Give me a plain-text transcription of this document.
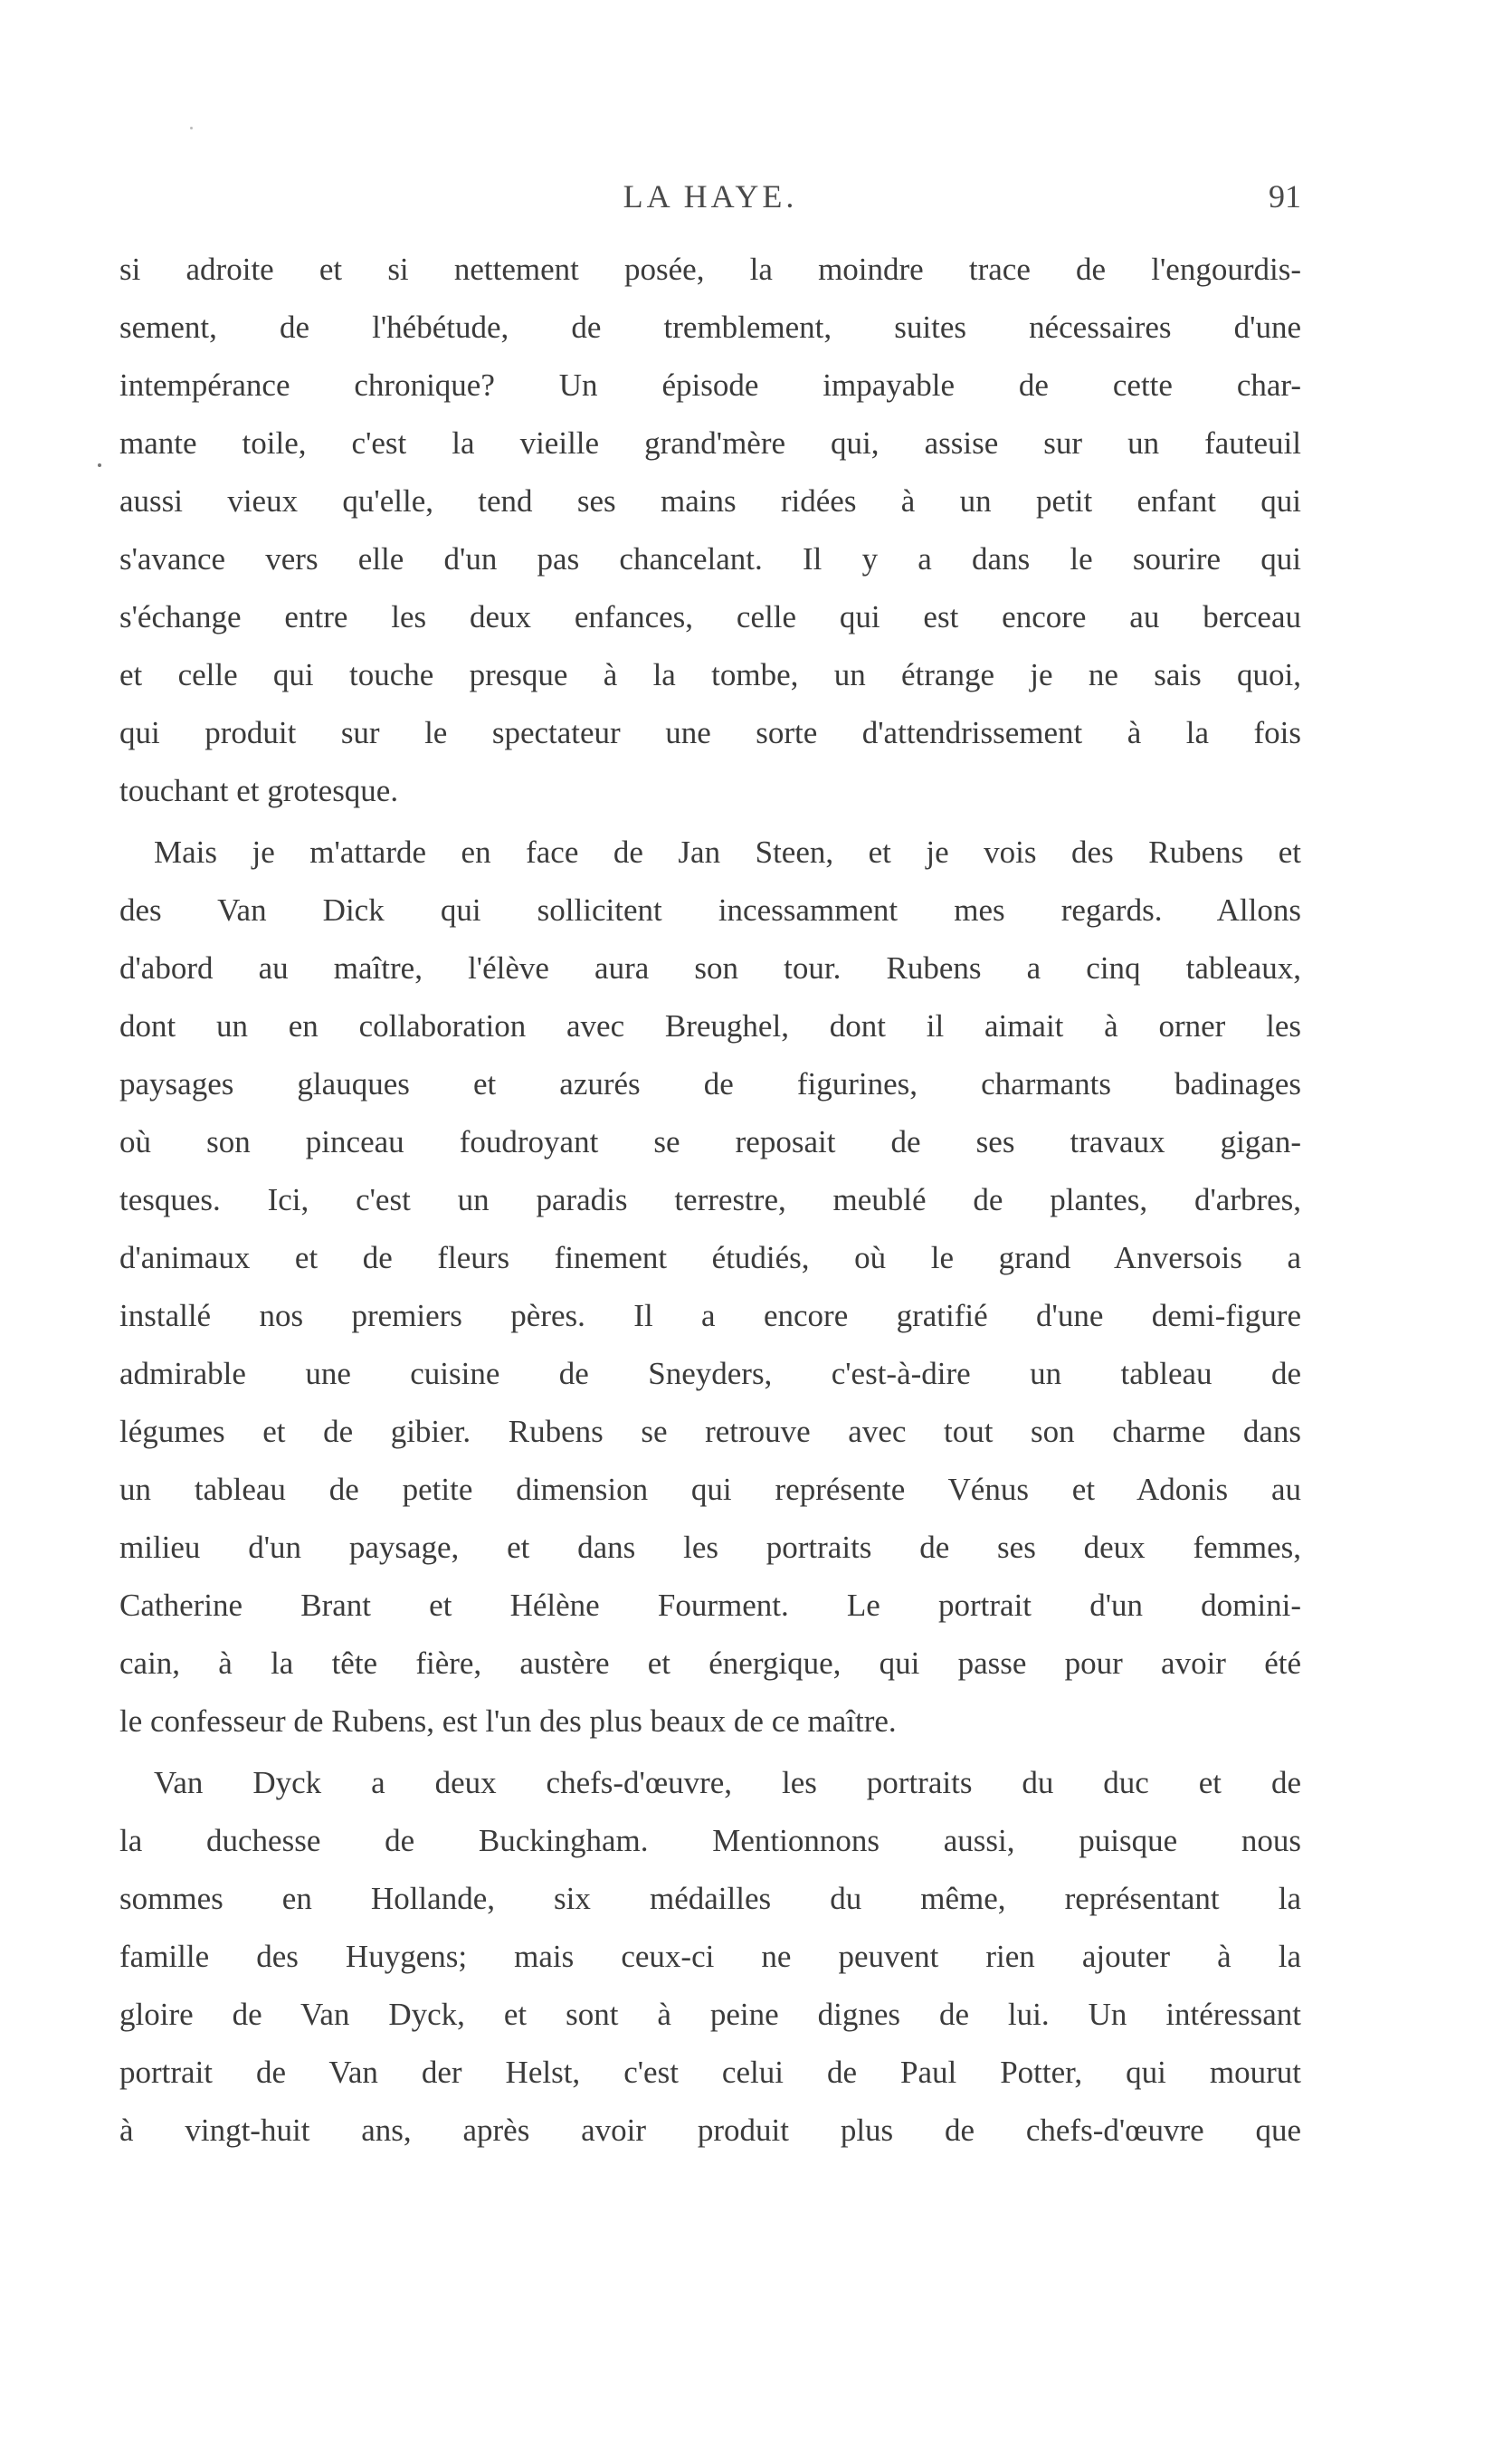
LA HAYE.	91
si adroite et si nettement posée, la moindre trace de l'engourdis-
sement, de l'hébétude, de tremblement, suites nécessaires d'une
intempérance chronique? Un épisode impayable de cette char-
mante toile, c'est la vieille grand'mère qui, assise sur un fauteuil
aussi vieux qu'elle, tend ses mains ridées à un petit enfant qui
s'avance vers elle d'un pas chancelant. Il y a dans le sourire qui
s'échange entre les deux enfances, celle qui est encore au berceau
et celle qui touche presque à la tombe, un étrange je ne sais quoi,
qui produit sur le spectateur une sorte d'attendrissement à la fois
touchant et grotesque.
Mais je m'attarde en face de Jan Steen, et je vois des Rubens et
des Van Dick qui sollicitent incessamment mes regards. Allons
d'abord au maître, l'élève aura son tour. Rubens a cinq tableaux,
dont un en collaboration avec Breughel, dont il aimait à orner les
paysages glauques et azurés de figurines, charmants badinages
où son pinceau foudroyant se reposait de ses travaux gigan-
tesques. Ici, c'est un paradis terrestre, meublé de plantes, d'arbres,
d'animaux et de fleurs finement étudiés, où le grand Anversois a
installé nos premiers pères. Il a encore gratifié d'une demi-figure
admirable une cuisine de Sneyders, c'est-à-dire un tableau de
légumes et de gibier. Rubens se retrouve avec tout son charme dans
un tableau de petite dimension qui représente Vénus et Adonis au
milieu d'un paysage, et dans les portraits de ses deux femmes,
Catherine Brant et Hélène Fourment. Le portrait d'un domini-
cain, à la tête fière, austère et énergique, qui passe pour avoir été
le confesseur de Rubens, est l'un des plus beaux de ce maître.
Van Dyck a deux chefs-d'œuvre, les portraits du duc et de
la duchesse de Buckingham. Mentionnons aussi, puisque nous
sommes en Hollande, six médailles du même, représentant la
famille des Huygens; mais ceux-ci ne peuvent rien ajouter à la
gloire de Van Dyck, et sont à peine dignes de lui. Un intéressant
portrait de Van der Helst, c'est celui de Paul Potter, qui mourut
à vingt-huit ans, après avoir produit plus de chefs-d'œuvre que
